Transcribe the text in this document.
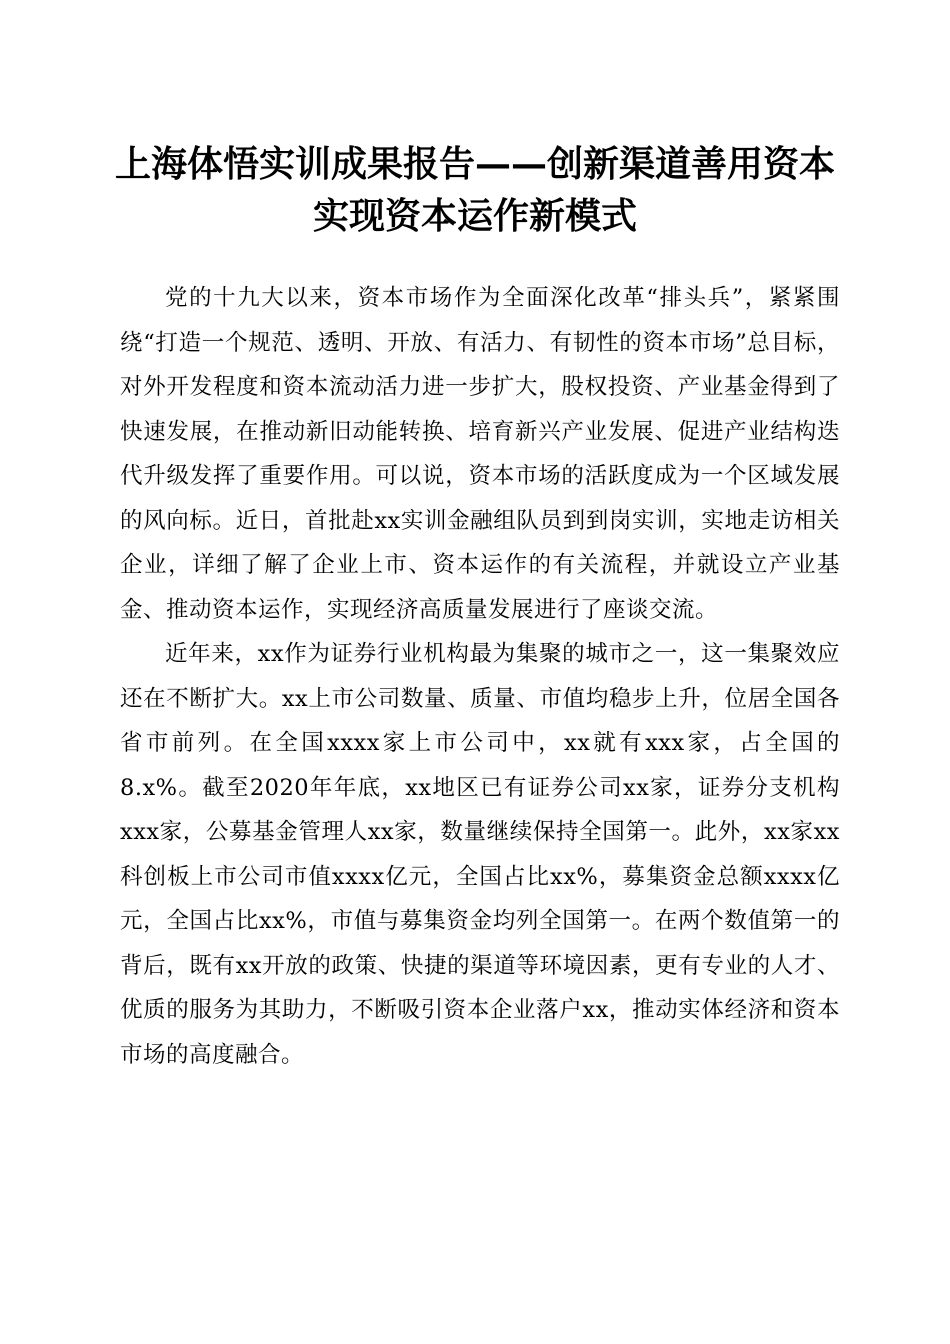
上海体悟实训成果报告——创新渠道善用资本
实现资本运作新模式

党的十九大以来，资本市场作为全面深化改革“排头兵”，紧紧围绕“打造一个规范、透明、开放、有活力、有韧性的资本市场”总目标，对外开发程度和资本流动活力进一步扩大，股权投资、产业基金得到了快速发展，在推动新旧动能转换、培育新兴产业发展、促进产业结构迭代升级发挥了重要作用。可以说，资本市场的活跃度成为一个区域发展的风向标。近日，首批赴xx实训金融组队员到到岗实训，实地走访相关企业，详细了解了企业上市、资本运作的有关流程，并就设立产业基金、推动资本运作，实现经济高质量发展进行了座谈交流。

近年来，xx作为证券行业机构最为集聚的城市之一，这一集聚效应还在不断扩大。xx上市公司数量、质量、市值均稳步上升，位居全国各省市前列。在全国xxxx家上市公司中，xx就有xxx家，占全国的8.x%。截至2020年年底，xx地区已有证券公司xx家，证券分支机构xxx家，公募基金管理人xx家，数量继续保持全国第一。此外，xx家xx科创板上市公司市值xxxx亿元，全国占比xx%，募集资金总额xxxx亿元，全国占比xx%，市值与募集资金均列全国第一。在两个数值第一的背后，既有xx开放的政策、快捷的渠道等环境因素，更有专业的人才、优质的服务为其助力，不断吸引资本企业落户xx，推动实体经济和资本市场的高度融合。
